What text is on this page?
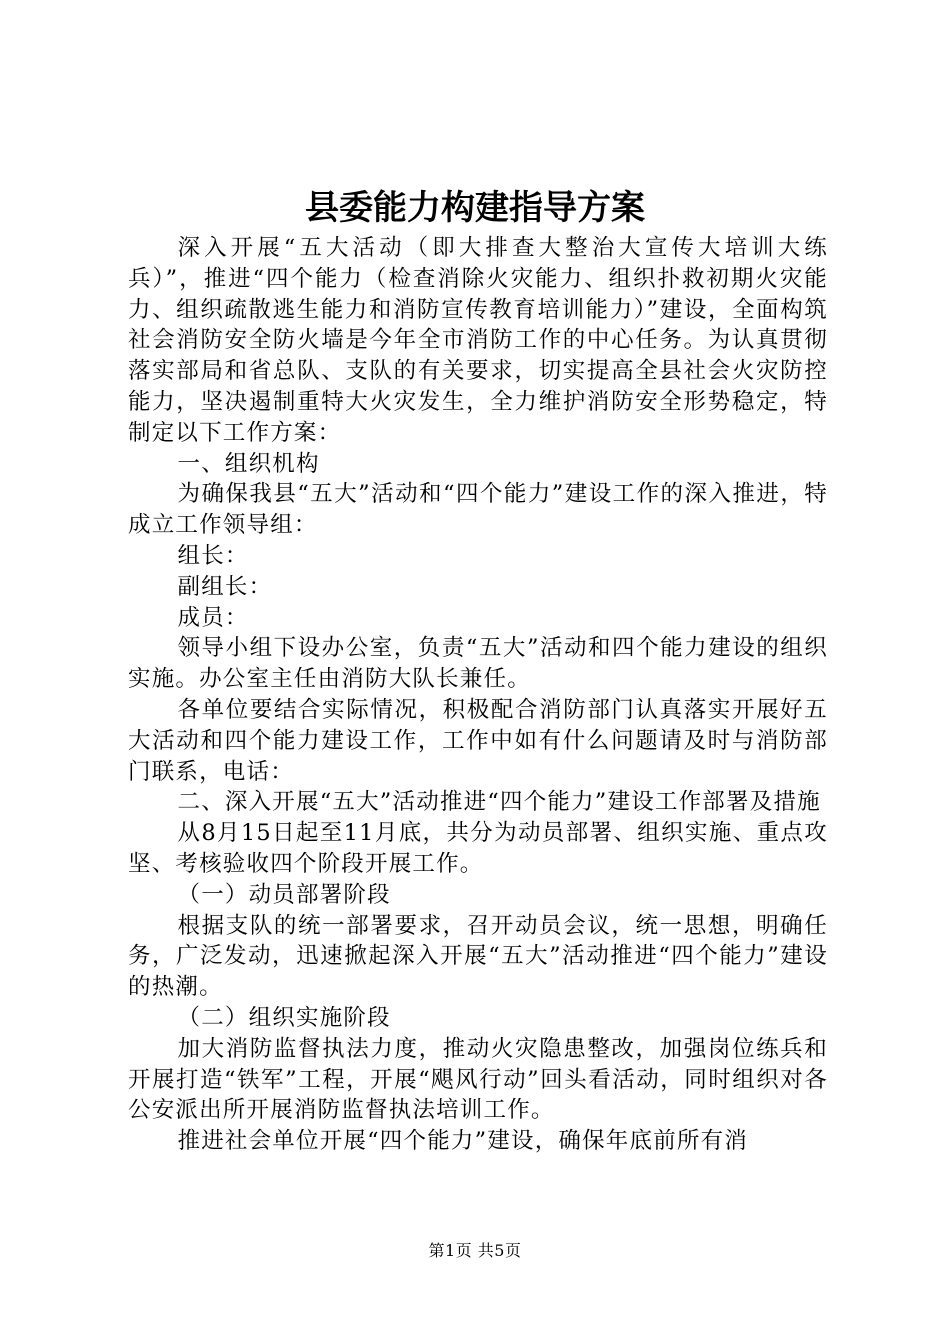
县委能力构建指导方案

深入开展“五大活动（即大排查大整治大宣传大培训大练兵）”，推进“四个能力（检查消除火灾能力、组织扑救初期火灾能力、组织疏散逃生能力和消防宣传教育培训能力）”建设，全面构筑社会消防安全防火墙是今年全市消防工作的中心任务。为认真贯彻落实部局和省总队、支队的有关要求，切实提高全县社会火灾防控能力，坚决遏制重特大火灾发生，全力维护消防安全形势稳定，特制定以下工作方案：

一、组织机构

为确保我县“五大”活动和“四个能力”建设工作的深入推进，特成立工作领导组：

组长：

副组长：

成员：

领导小组下设办公室，负责“五大”活动和四个能力建设的组织实施。办公室主任由消防大队长兼任。

各单位要结合实际情况，积极配合消防部门认真落实开展好五大活动和四个能力建设工作，工作中如有什么问题请及时与消防部门联系，电话：

二、深入开展“五大”活动推进“四个能力”建设工作部署及措施

从8月15日起至11月底，共分为动员部署、组织实施、重点攻坚、考核验收四个阶段开展工作。

（一）动员部署阶段

根据支队的统一部署要求，召开动员会议，统一思想，明确任务，广泛发动，迅速掀起深入开展“五大”活动推进“四个能力”建设的热潮。

（二）组织实施阶段

加大消防监督执法力度，推动火灾隐患整改，加强岗位练兵和开展打造“铁军”工程，开展“飓风行动”回头看活动，同时组织对各公安派出所开展消防监督执法培训工作。

推进社会单位开展“四个能力”建设，确保年底前所有消

第1页 共5页
